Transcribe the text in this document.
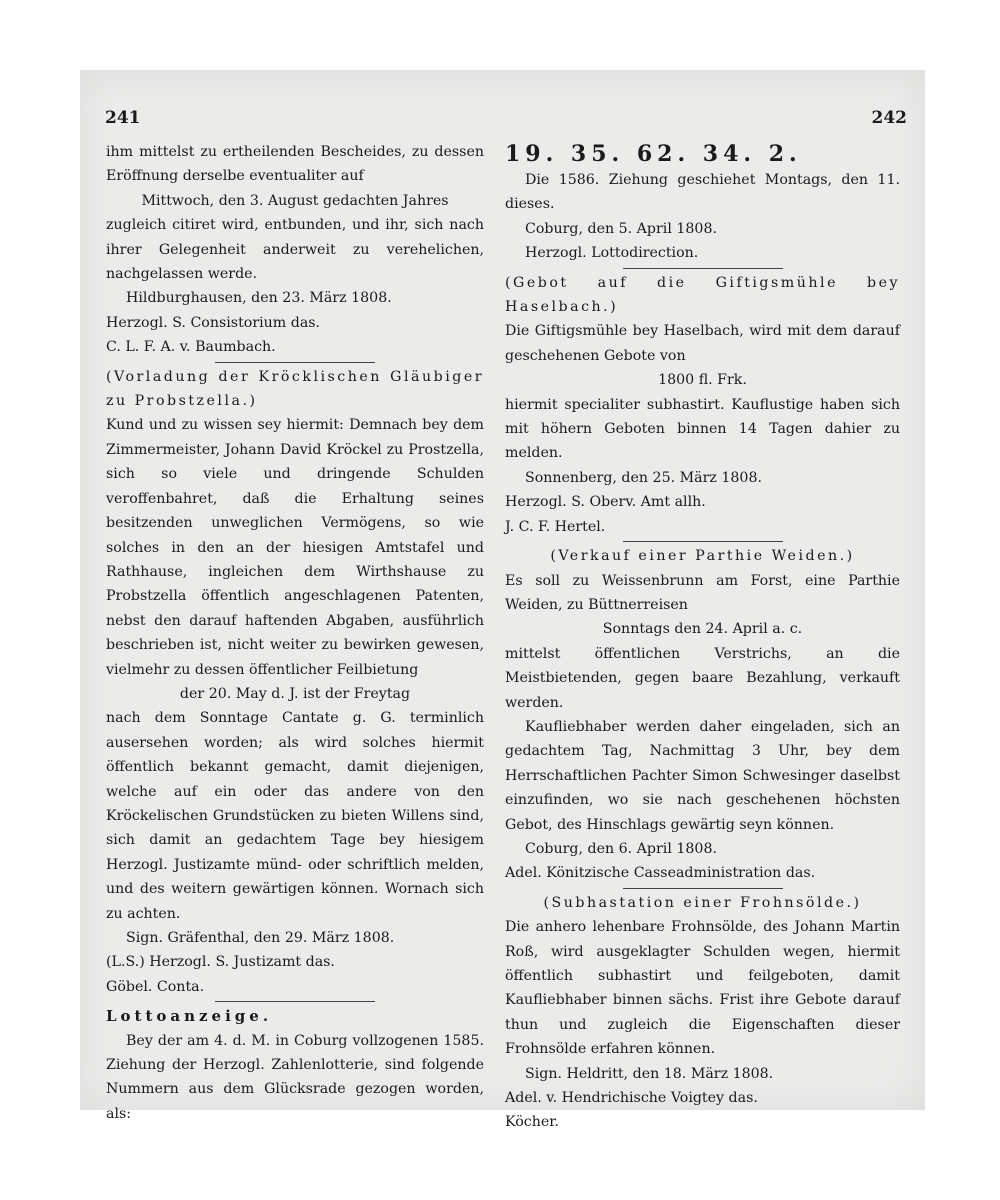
241	242

ihm mittelst zu ertheilenden Bescheides, zu dessen Eröffnung derselbe eventualiter auf

Mittwoch, den 3. August gedachten Jahres

zugleich citiret wird, entbunden, und ihr, sich nach ihrer Gelegenheit anderweit zu verehelichen, nachgelassen werde.

Hildburghausen, den 23. März 1808.

Herzogl. S. Consistorium das.

C. L. F. A. v. Baumbach.

(Vorladung der Kröcklischen Gläubiger zu Probstzella.)

Kund und zu wissen sey hiermit: Demnach bey dem Zimmermeister, Johann David Kröckel zu Prostzella, sich so viele und dringende Schulden veroffenbahret, daß die Erhaltung seines besitzenden unweglichen Vermögens, so wie solches in den an der hiesigen Amtstafel und Rathhause, ingleichen dem Wirthshause zu Probstzella öffentlich angeschlagenen Patenten, nebst den darauf haftenden Abgaben, ausführlich beschrieben ist, nicht weiter zu bewirken gewesen, vielmehr zu dessen öffentlicher Feilbietung

der 20. May d. J. ist der Freytag

nach dem Sonntage Cantate g. G. terminlich ausersehen worden; als wird solches hiermit öffentlich bekannt gemacht, damit diejenigen, welche auf ein oder das andere von den Kröckelischen Grundstücken zu bieten Willens sind, sich damit an gedachtem Tage bey hiesigem Herzogl. Justizamte münd- oder schriftlich melden, und des weitern gewärtigen können. Wornach sich zu achten.

Sign. Gräfenthal, den 29. März 1808.

(L.S.) Herzogl. S. Justizamt das.

Göbel. Conta.

Lottoanzeige.

Bey der am 4. d. M. in Coburg vollzogenen 1585. Ziehung der Herzogl. Zahlenlotterie, sind folgende Nummern aus dem Glücksrade gezogen worden, als:

19. 35. 62. 34. 2.

Die 1586. Ziehung geschiehet Montags, den 11. dieses.

Coburg, den 5. April 1808.

Herzogl. Lottodirection.

(Gebot auf die Giftigsmühle bey Haselbach.)

Die Giftigsmühle bey Haselbach, wird mit dem darauf geschehenen Gebote von

1800 fl. Frk.

hiermit specialiter subhastirt. Kauflustige haben sich mit höhern Geboten binnen 14 Tagen dahier zu melden.

Sonnenberg, den 25. März 1808.

Herzogl. S. Oberv. Amt allh.

J. C. F. Hertel.

(Verkauf einer Parthie Weiden.)

Es soll zu Weissenbrunn am Forst, eine Parthie Weiden, zu Büttnerreisen

Sonntags den 24. April a. c.

mittelst öffentlichen Verstrichs, an die Meistbietenden, gegen baare Bezahlung, verkauft werden.

Kaufliebhaber werden daher eingeladen, sich an gedachtem Tag, Nachmittag 3 Uhr, bey dem Herrschaftlichen Pachter Simon Schwesinger daselbst einzufinden, wo sie nach geschehenen höchsten Gebot, des Hinschlags gewärtig seyn können.

Coburg, den 6. April 1808.

Adel. Könitzische Casseadministration das.

(Subhastation einer Frohnsölde.)

Die anhero lehenbare Frohnsölde, des Johann Martin Roß, wird ausgeklagter Schulden wegen, hiermit öffentlich subhastirt und feilgeboten, damit Kaufliebhaber binnen sächs. Frist ihre Gebote darauf thun und zugleich die Eigenschaften dieser Frohnsölde erfahren können.

Sign. Heldritt, den 18. März 1808.

Adel. v. Hendrichische Voigtey das.

Köcher.
